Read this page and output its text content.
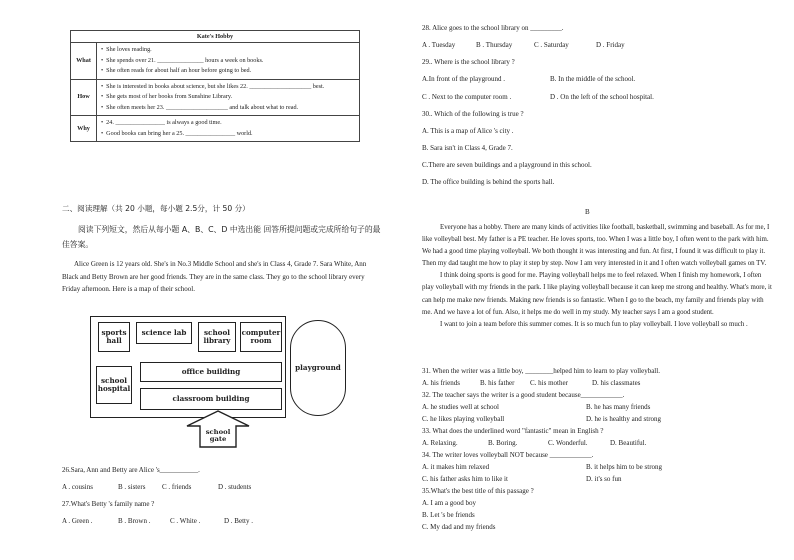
Kate's Hobby	
What	• She loves reading.
• She spends over 21. _______________ hours a week on books.
• She often reads for about half an hour before going to bed.

How	• She is interested in books about science, but she likes 22. ____________________ best.
• She gets most of her books from Sunshine Library.
• She often meets her 23. ____________________ and talk about what to read.

Why	• 24. ________________ is always a good time.
• Good books can bring her a 25. ________________ world.
二、阅读理解（共 20 小题，每小题 2.5分，计 50 分）
阅读下列短文，然后从每小题 A、B、C、D 中选出能 回答所提问题或完成所给句子的最佳答案。
Alice Green is 12 years old. She's in No.3 Middle School and she's in Class 4, Grade 7. Sara White, Ann Black and Betty Brown are her good friends. They are in the same class. They go to the school library every Friday afternoon. Here is a map of their school.
sports hall
science lab	school library
computer room
school hospital
office building
classroom building
playground
school gate
26.Sara, Ann and Betty are Alice 's___________.
A . cousins	B . sisters C . friends	D . students
27.What's Betty 's family name ?
A . Green .	B . Brown .	C . White .	D . Betty .
28. Alice goes to the school library on _________.
A . Tuesday	B . Thursday	C . Saturday	D . Friday
29.. Where is the school library ?
A.In front of the playground .	B. In the middle of the school.
C . Next to the computer room .	D . On the left of the school hospital.
30.. Which of the following is true ?
A. This is a map of Alice 's city .
B. Sara isn't in Class 4, Grade 7.
C.There are seven buildings and a playground in this school.
D. The office building is behind the sports hall.
B

Everyone has a hobby. There are many kinds of activities like football, basketball, swimming and baseball. As for me, I like volleyball best. My father is a PE teacher. He loves sports, too. When I was a little boy, I often went to the park with him. We had a good time playing volleyball. We both thought it was interesting and fun. At first, I found it was difficult to play it. Then my dad taught me how to play it step by step. Now I am very interested in it and I often watch volleyball games on TV.

I think doing sports is good for me. Playing volleyball helps me to feel relaxed. When I finish my homework, I often play volleyball with my friends in the park. I like playing volleyball because it can keep me strong and healthy. What's more, it can help me make new friends. Making new friends is so fantastic. When I go to the beach, my family and friends play with me. And we have a lot of fun. Also, it helps me do well in my study. My teacher says I am a good student.

I want to join a team before this summer comes. It is so much fun to play volleyball. I love volleyball so much .

31. When the writer was a little boy, ________helped him to learn to play volleyball.
A. his friends	B. his father C. his mother	D. his classmates
32. The teacher says the writer is a good student because____________.
A. he studies well at school	B. he has many friends
C. he likes playing volleyball	D. he is healthy and strong
33. What does the underlined word "fantastic" mean in English ?
A. Relaxing.	B. Boring.	C. Wonderful.	D. Beautiful.
34. The writer loves volleyball NOT because ____________.
A. it makes him relaxed	B. it helps him to be strong
C. his father asks him to like it	D. it's so fun
35.What's the best title of this passage ?
A. I am a good boy
B. Let 's be friends
C. My dad and my friends
